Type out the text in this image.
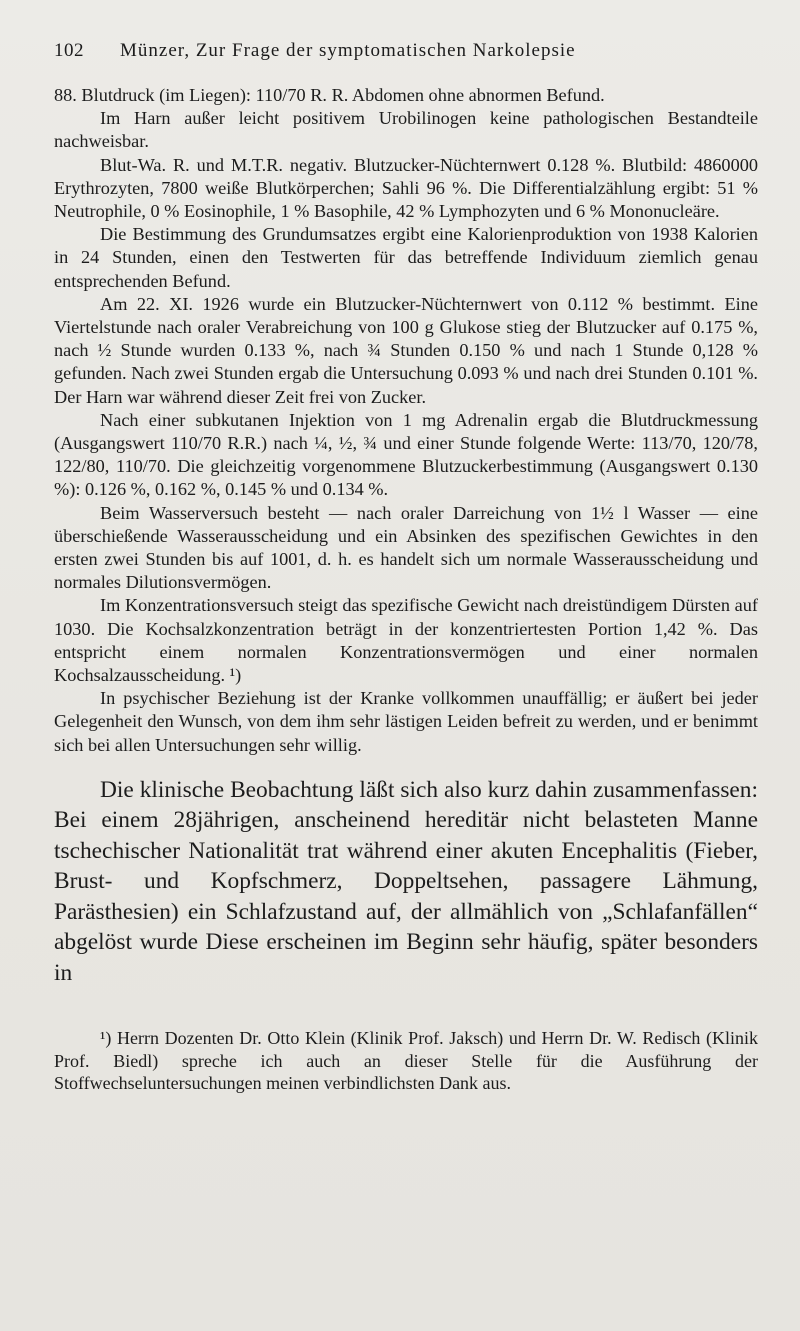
102 Münzer, Zur Frage der symptomatischen Narkolepsie

88. Blutdruck (im Liegen): 110/70 R. R. Abdomen ohne abnormen Befund.

Im Harn außer leicht positivem Urobilinogen keine pathologischen Bestandteile nachweisbar.

Blut-Wa. R. und M.T.R. negativ. Blutzucker-Nüchternwert 0.128 %. Blutbild: 4860000 Erythrozyten, 7800 weiße Blutkörperchen; Sahli 96 %. Die Differentialzählung ergibt: 51 % Neutrophile, 0 % Eosinophile, 1 % Basophile, 42 % Lymphozyten und 6 % Mononucleäre.

Die Bestimmung des Grundumsatzes ergibt eine Kalorienproduktion von 1938 Kalorien in 24 Stunden, einen den Testwerten für das betreffende Individuum ziemlich genau entsprechenden Befund.

Am 22. XI. 1926 wurde ein Blutzucker-Nüchternwert von 0.112 % bestimmt. Eine Viertelstunde nach oraler Verabreichung von 100 g Glukose stieg der Blutzucker auf 0.175 %, nach ½ Stunde wurden 0.133 %, nach ¾ Stunden 0.150 % und nach 1 Stunde 0,128 % gefunden. Nach zwei Stunden ergab die Untersuchung 0.093 % und nach drei Stunden 0.101 %. Der Harn war während dieser Zeit frei von Zucker.

Nach einer subkutanen Injektion von 1 mg Adrenalin ergab die Blutdruckmessung (Ausgangswert 110/70 R.R.) nach ¼, ½, ¾ und einer Stunde folgende Werte: 113/70, 120/78, 122/80, 110/70. Die gleichzeitig vorgenommene Blutzuckerbestimmung (Ausgangswert 0.130 %): 0.126 %, 0.162 %, 0.145 % und 0.134 %.

Beim Wasserversuch besteht — nach oraler Darreichung von 1½ l Wasser — eine überschießende Wasserausscheidung und ein Absinken des spezifischen Gewichtes in den ersten zwei Stunden bis auf 1001, d. h. es handelt sich um normale Wasserausscheidung und normales Dilutionsvermögen.

Im Konzentrationsversuch steigt das spezifische Gewicht nach dreistündigem Dürsten auf 1030. Die Kochsalzkonzentration beträgt in der konzentriertesten Portion 1,42 %. Das entspricht einem normalen Konzentrationsvermögen und einer normalen Kochsalzausscheidung. ¹)

In psychischer Beziehung ist der Kranke vollkommen unauffällig; er äußert bei jeder Gelegenheit den Wunsch, von dem ihm sehr lästigen Leiden befreit zu werden, und er benimmt sich bei allen Untersuchungen sehr willig.

Die klinische Beobachtung läßt sich also kurz dahin zusammenfassen: Bei einem 28jährigen, anscheinend hereditär nicht belasteten Manne tschechischer Nationalität trat während einer akuten Encephalitis (Fieber, Brust- und Kopfschmerz, Doppeltsehen, passagere Lähmung, Parästhesien) ein Schlafzustand auf, der allmählich von „Schlafanfällen“ abgelöst wurde Diese erscheinen im Beginn sehr häufig, später besonders in

¹) Herrn Dozenten Dr. Otto Klein (Klinik Prof. Jaksch) und Herrn Dr. W. Redisch (Klinik Prof. Biedl) spreche ich auch an dieser Stelle für die Ausführung der Stoffwechseluntersuchungen meinen verbindlichsten Dank aus.
